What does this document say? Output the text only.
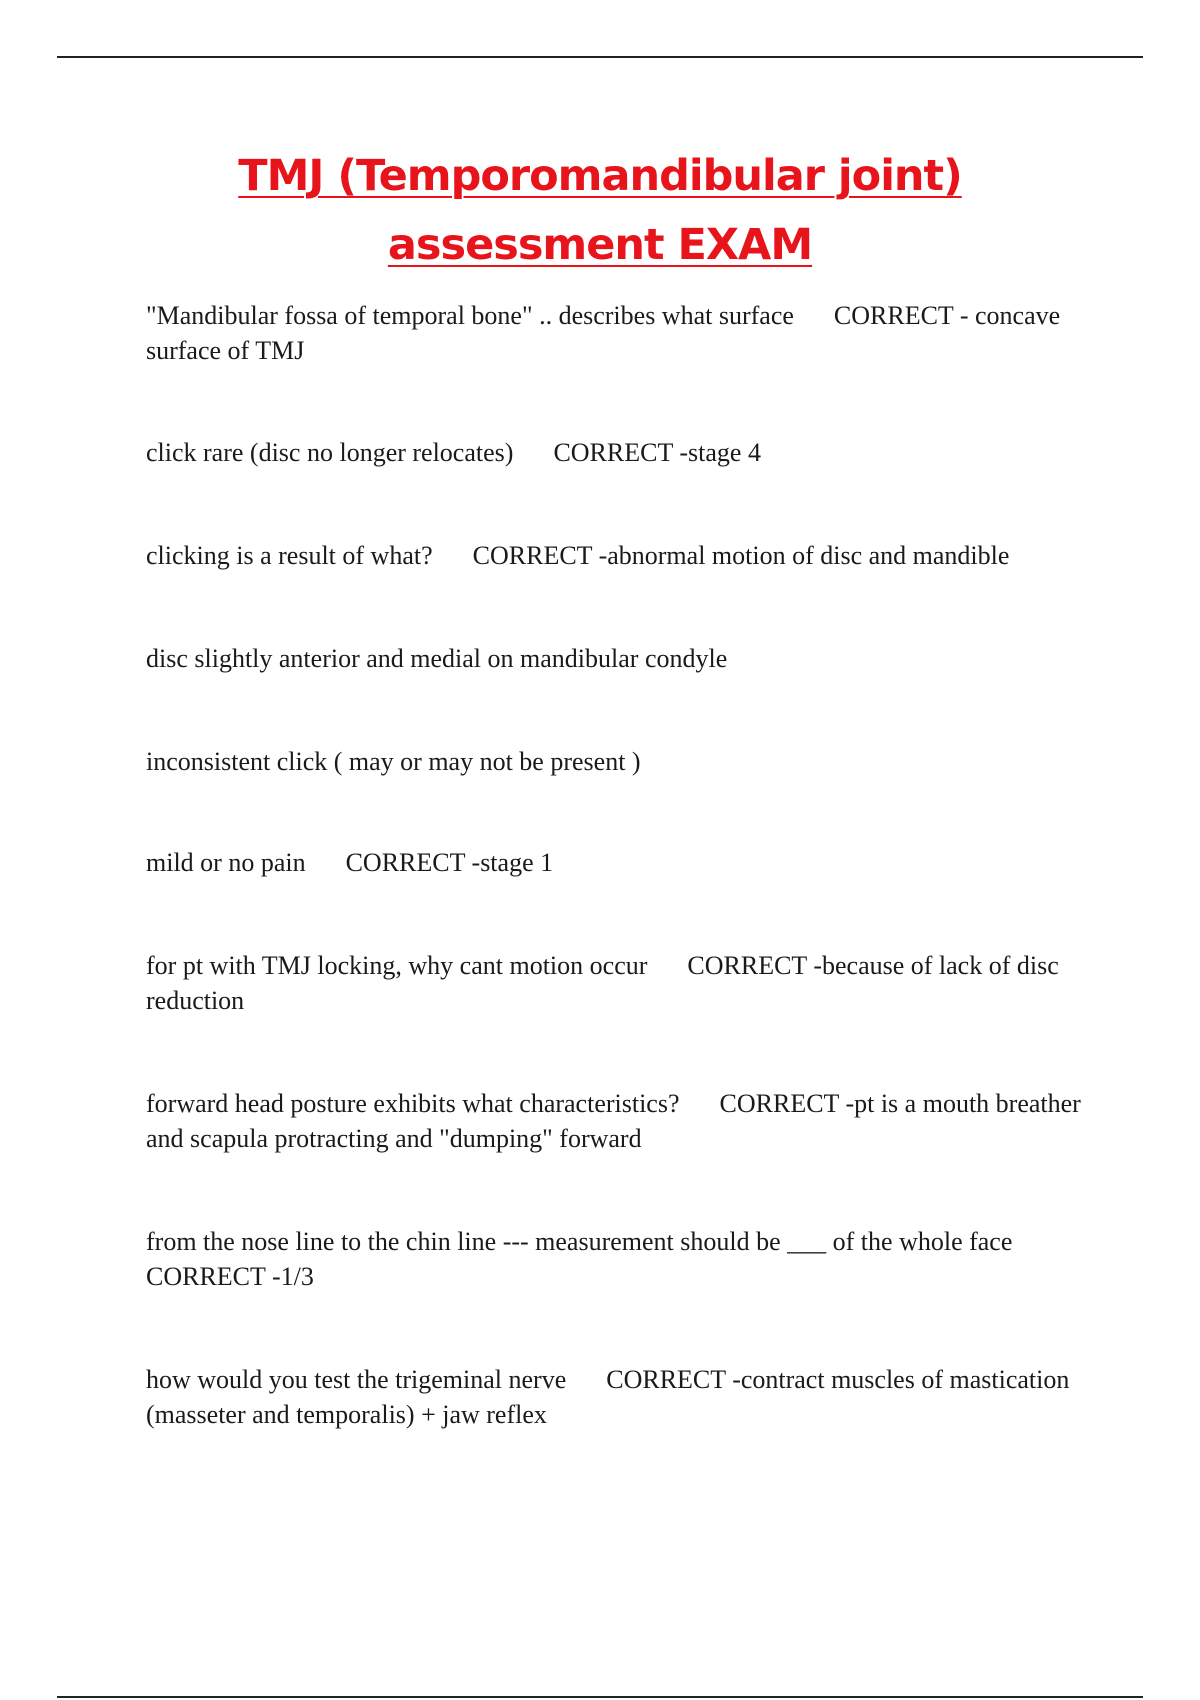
TMJ (Temporomandibular joint)
assessment EXAM

"Mandibular fossa of temporal bone" .. describes what surface CORRECT - concave surface of TMJ

click rare (disc no longer relocates) CORRECT -stage 4

clicking is a result of what? CORRECT -abnormal motion of disc and mandible

disc slightly anterior and medial on mandibular condyle

inconsistent click ( may or may not be present )

mild or no pain CORRECT -stage 1

for pt with TMJ locking, why cant motion occur CORRECT -because of lack of disc reduction

forward head posture exhibits what characteristics? CORRECT -pt is a mouth breather and scapula protracting and "dumping" forward

from the nose line to the chin line --- measurement should be ___ of the whole faceCORRECT -1/3

how would you test the trigeminal nerve CORRECT -contract muscles of mastication (masseter and temporalis) + jaw reflex
